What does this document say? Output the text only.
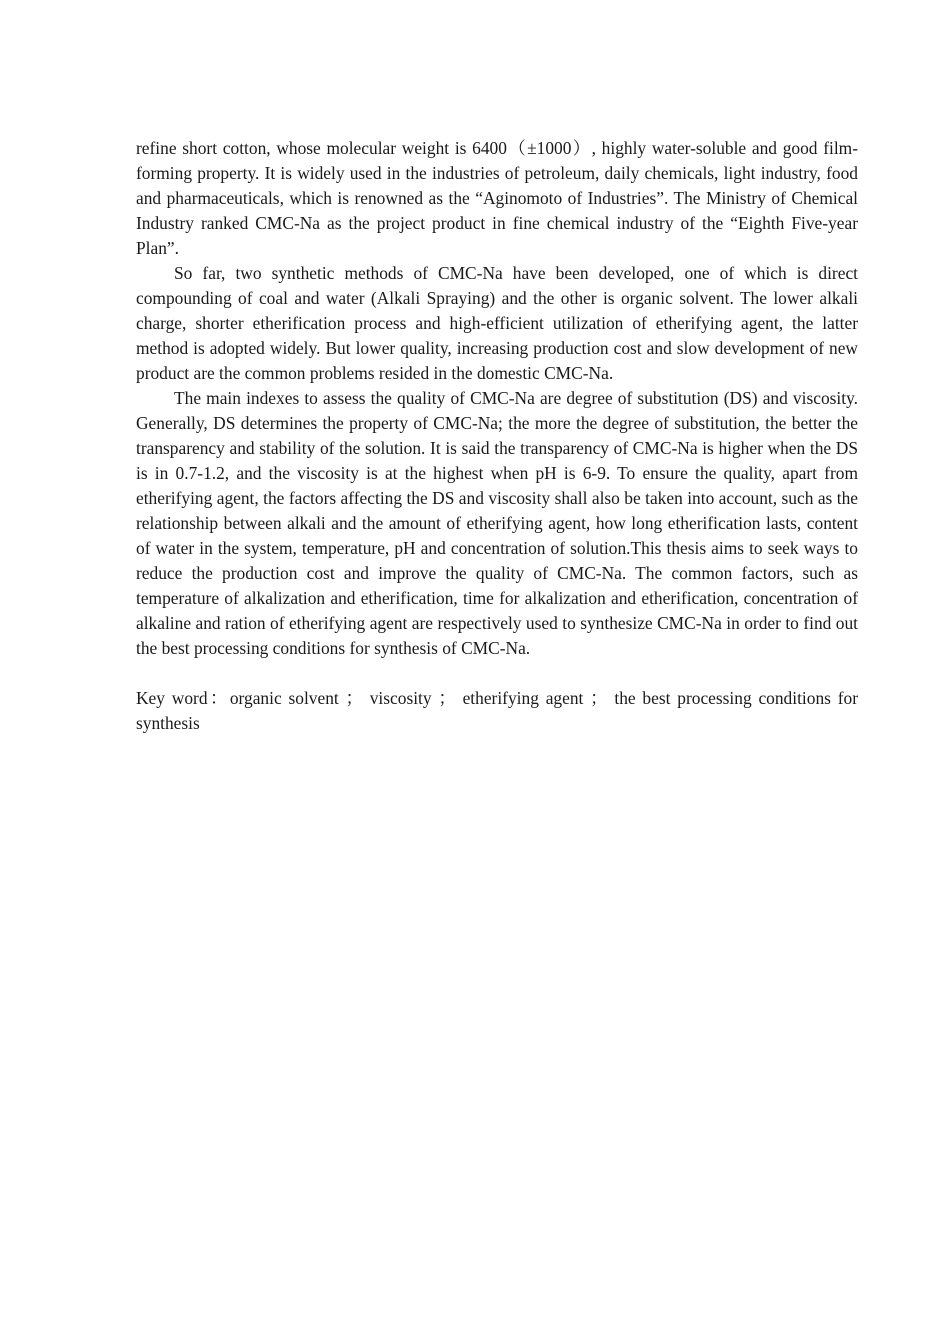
refine short cotton, whose molecular weight is 6400（±1000）, highly water-soluble and good film-forming property. It is widely used in the industries of petroleum, daily chemicals, light industry, food and pharmaceuticals, which is renowned as the “Aginomoto of Industries”. The Ministry of Chemical Industry ranked CMC-Na as the project product in fine chemical industry of the “Eighth Five-year Plan”.

So far, two synthetic methods of CMC-Na have been developed, one of which is direct compounding of coal and water (Alkali Spraying) and the other is organic solvent. The lower alkali charge, shorter etherification process and high-efficient utilization of etherifying agent, the latter method is adopted widely. But lower quality, increasing production cost and slow development of new product are the common problems resided in the domestic CMC-Na.

The main indexes to assess the quality of CMC-Na are degree of substitution (DS) and viscosity. Generally, DS determines the property of CMC-Na; the more the degree of substitution, the better the transparency and stability of the solution. It is said the transparency of CMC-Na is higher when the DS is in 0.7-1.2, and the viscosity is at the highest when pH is 6-9. To ensure the quality, apart from etherifying agent, the factors affecting the DS and viscosity shall also be taken into account, such as the relationship between alkali and the amount of etherifying agent, how long etherification lasts, content of water in the system, temperature, pH and concentration of solution.This thesis aims to seek ways to reduce the production cost and improve the quality of CMC-Na. The common factors, such as temperature of alkalization and etherification, time for alkalization and etherification, concentration of alkaline and ration of etherifying agent are respectively used to synthesize CMC-Na in order to find out the best processing conditions for synthesis of CMC-Na.

Key word：organic solvent ； viscosity ； etherifying agent ； the best processing conditions for synthesis
